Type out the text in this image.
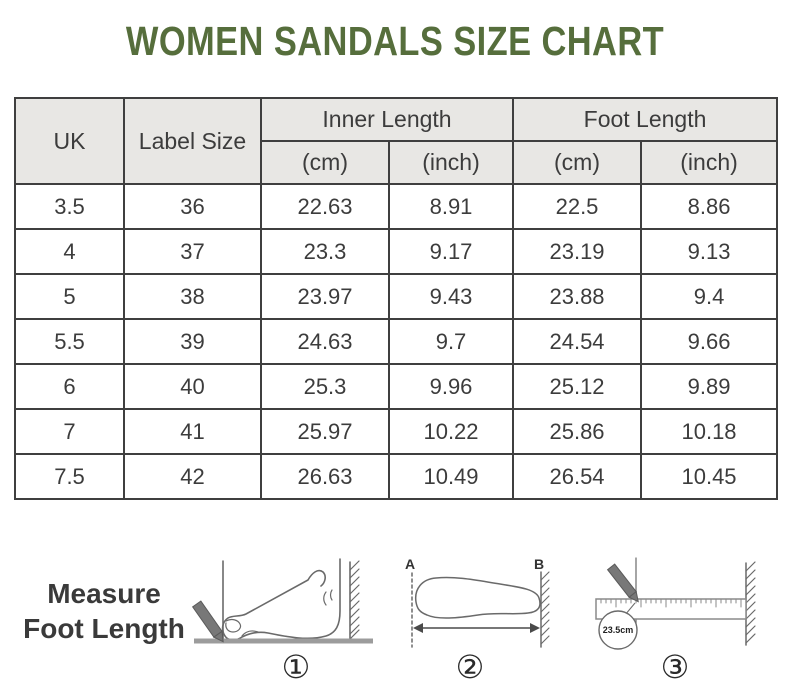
WOMEN SANDALS SIZE CHART
UK	Label Size	Inner Length		Foot Length	
		(cm)	(inch)	(cm)	(inch)
3.5	36	22.63	8.91	22.5	8.86
4	37	23.3	9.17	23.19	9.13
5	38	23.97	9.43	23.88	9.4
5.5	39	24.63	9.7	24.54	9.66
6	40	25.3	9.96	25.12	9.89
7	41	25.97	10.22	25.86	10.18
7.5	42	26.63	10.49	26.54	10.45
Measure
Foot Length
A	B
23.5cm
①	②	③
